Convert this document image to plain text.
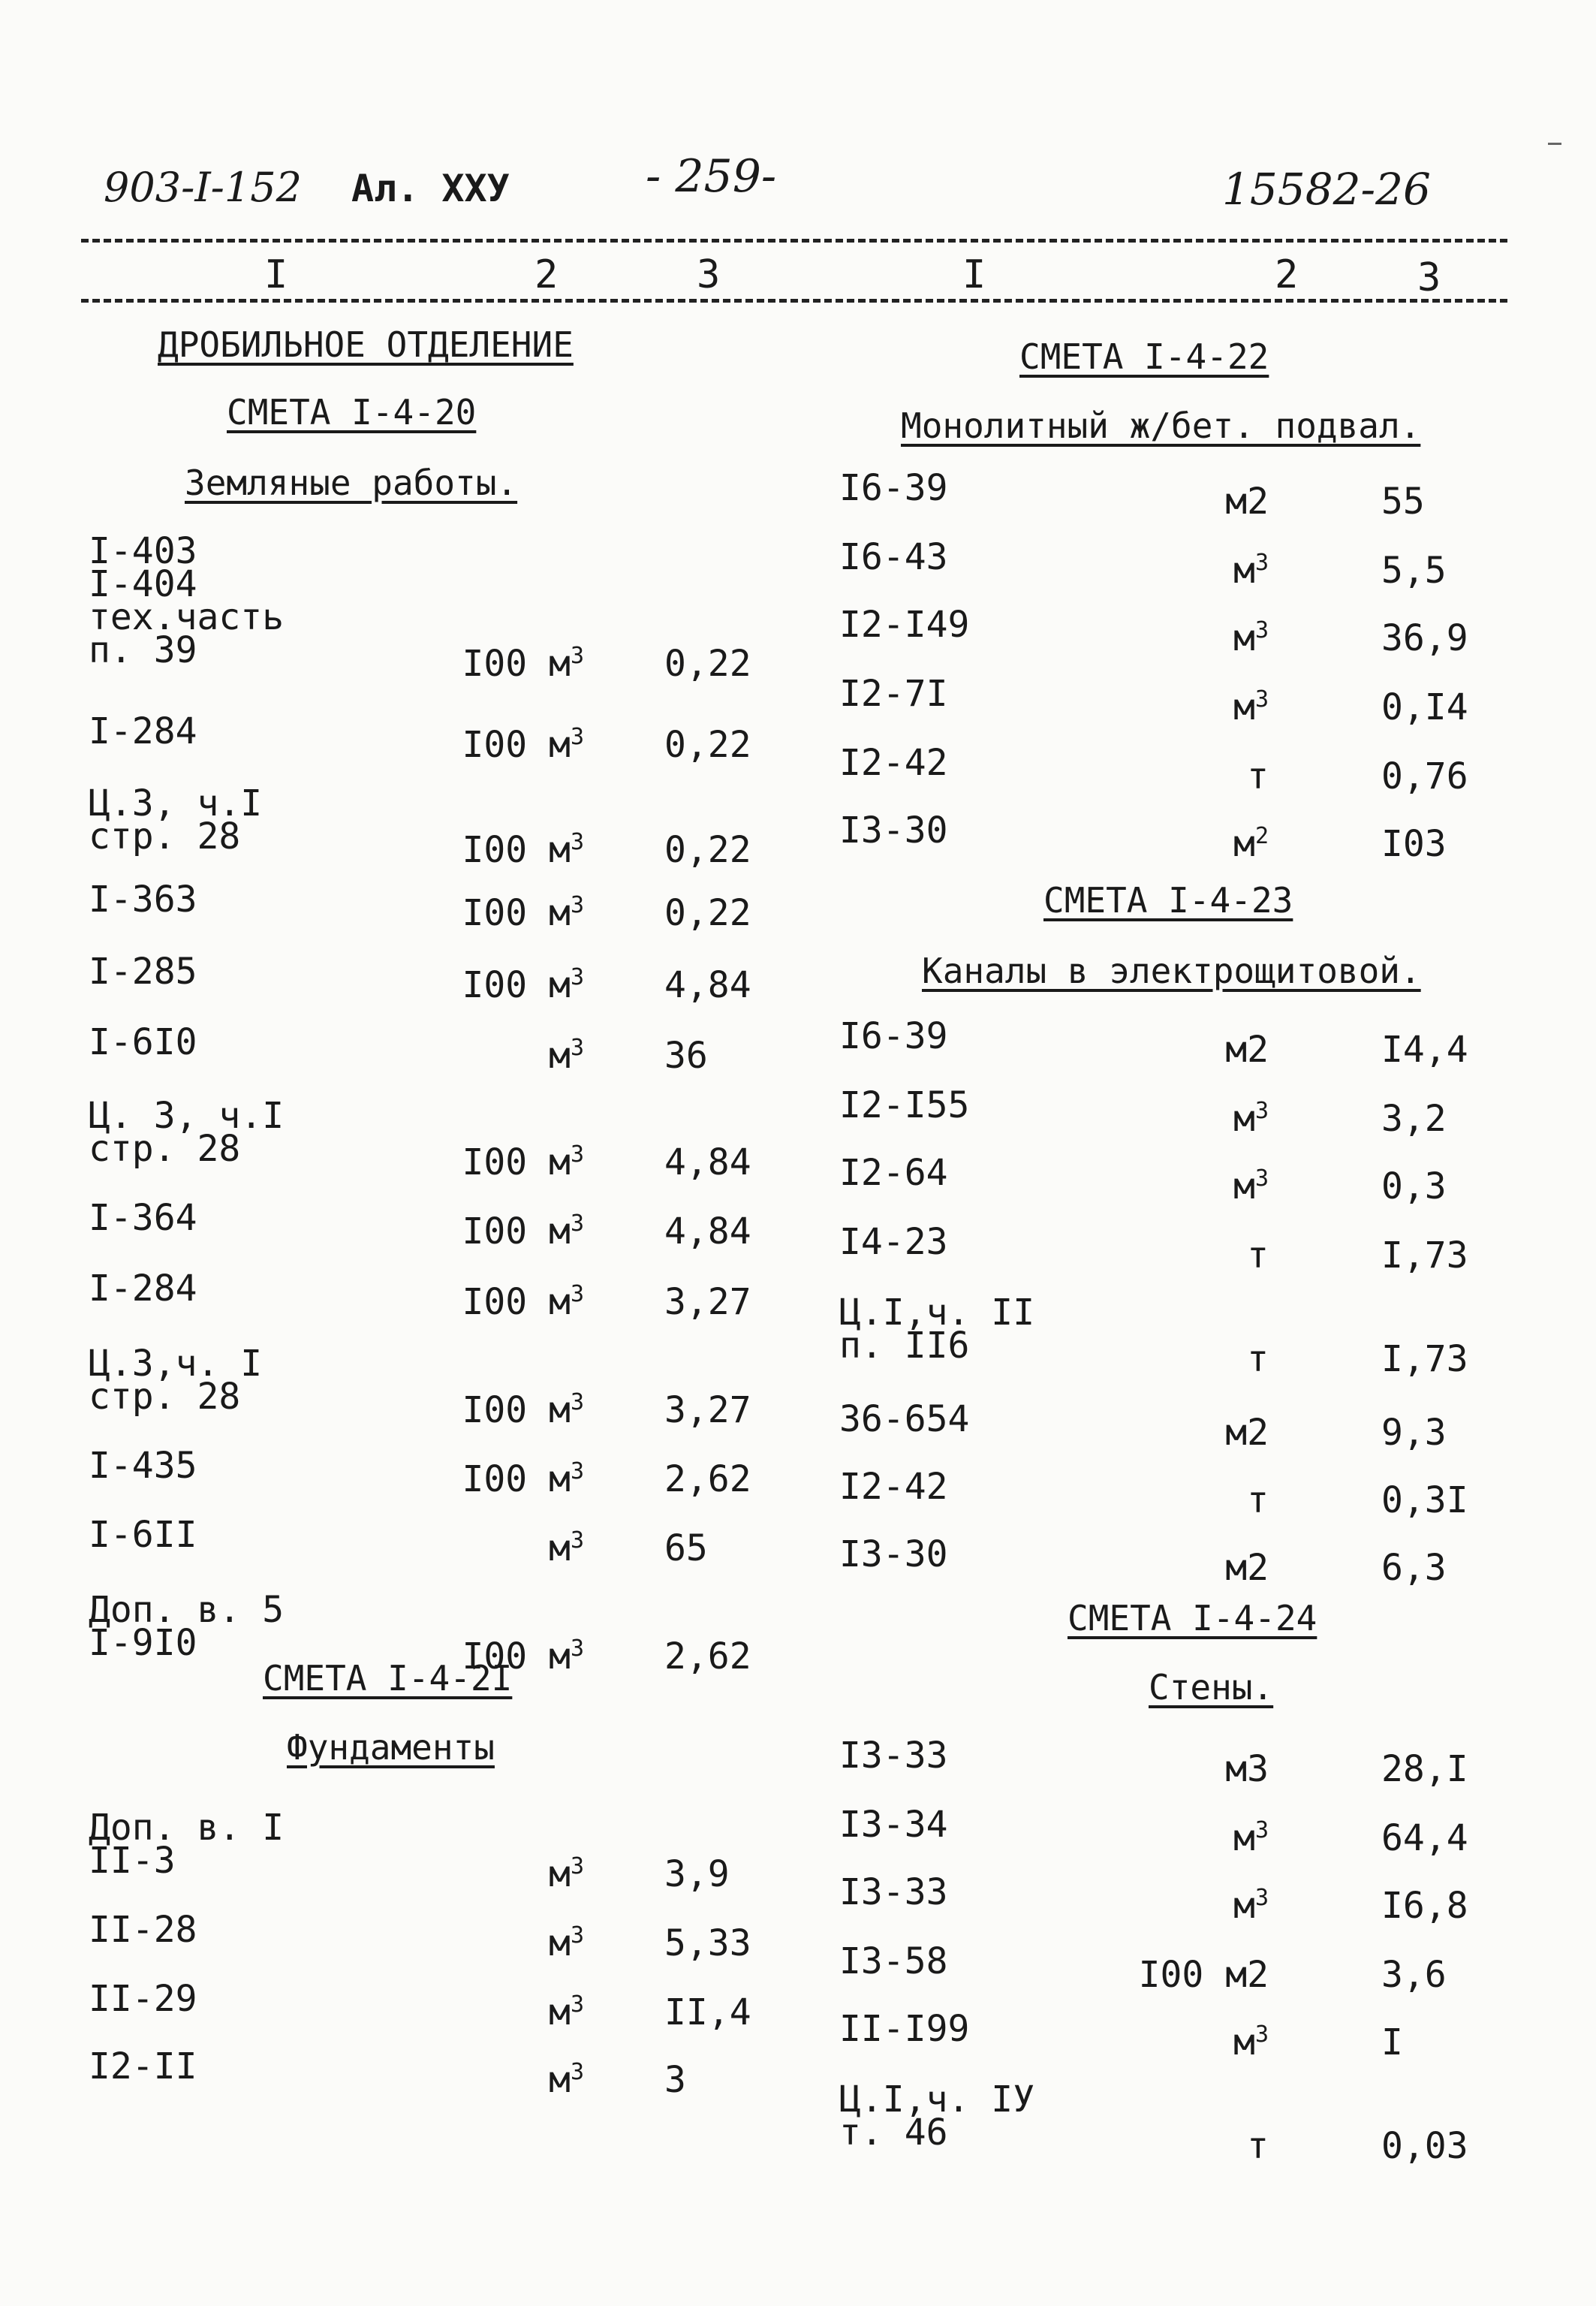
903-I-152 Ал. XXУ	- 259-	15582-26
I	2	3	I	2	3
ДРОБИЛЬНОЕ ОТДЕЛЕНИЕ
СМЕТА I-4-20
Земляные работы.
I-403
I-404
тех.часть
п. 39	I00 $м^3$ 0,22
I-284	I00 $м^3$ 0,22
Ц.3, ч.I
стр. 28	I00 $м^3$ 0,22
I-363	I00 $м^3$ 0,22
I-285	I00 $м^3$ 4,84
I-6I0	$м^3$ 36
Ц. 3, ч.I
стр. 28	I00 $м^3$ 4,84
I-364	I00 $м^3$ 4,84
I-284	I00 $м^3$ 3,27
Ц.3,ч. I
стр. 28	I00 $м^3$ 3,27
I-435	I00 $м^3$ 2,62
I-6II	$м^3$ 65
Доп. в. 5
I-9I0	I00 $м^3$ 2,62
СМЕТА I-4-2I
Фундаменты
Доп. в. I
II-3	$м^3$ 3,9
II-28	$м^3$ 5,33
II-29	$м^3$ II,4
I2-II	$м^3$ 3
СМЕТА I-4-22
Монолитный ж/бет. подвал.
I6-39	м2	55
I6-43	$м^3$	5,5
I2-I49	$м^3$	36,9
I2-7I	$м^3$	0,I4
I2-42	т	0,76
I3-30	$м^2$	I03
СМЕТА I-4-23
Каналы в электрощитовой.
I6-39	м2	I4,4
I2-I55	$м^3$	3,2
I2-64	$м^3$	0,3
I4-23	т	I,73
Ц.I,ч. II
п. II6	т	I,73
36-654	м2	9,3
I2-42	т	0,3I
I3-30	м2	6,3
СМЕТА I-4-24
Стены.
I3-33	м3	28,I
I3-34	$м^3$	64,4
I3-33	$м^3$	I6,8
I3-58	I00 м2	3,6
II-I99	$м^3$	I
Ц.I,ч. IУ
т. 46	т	0,03
